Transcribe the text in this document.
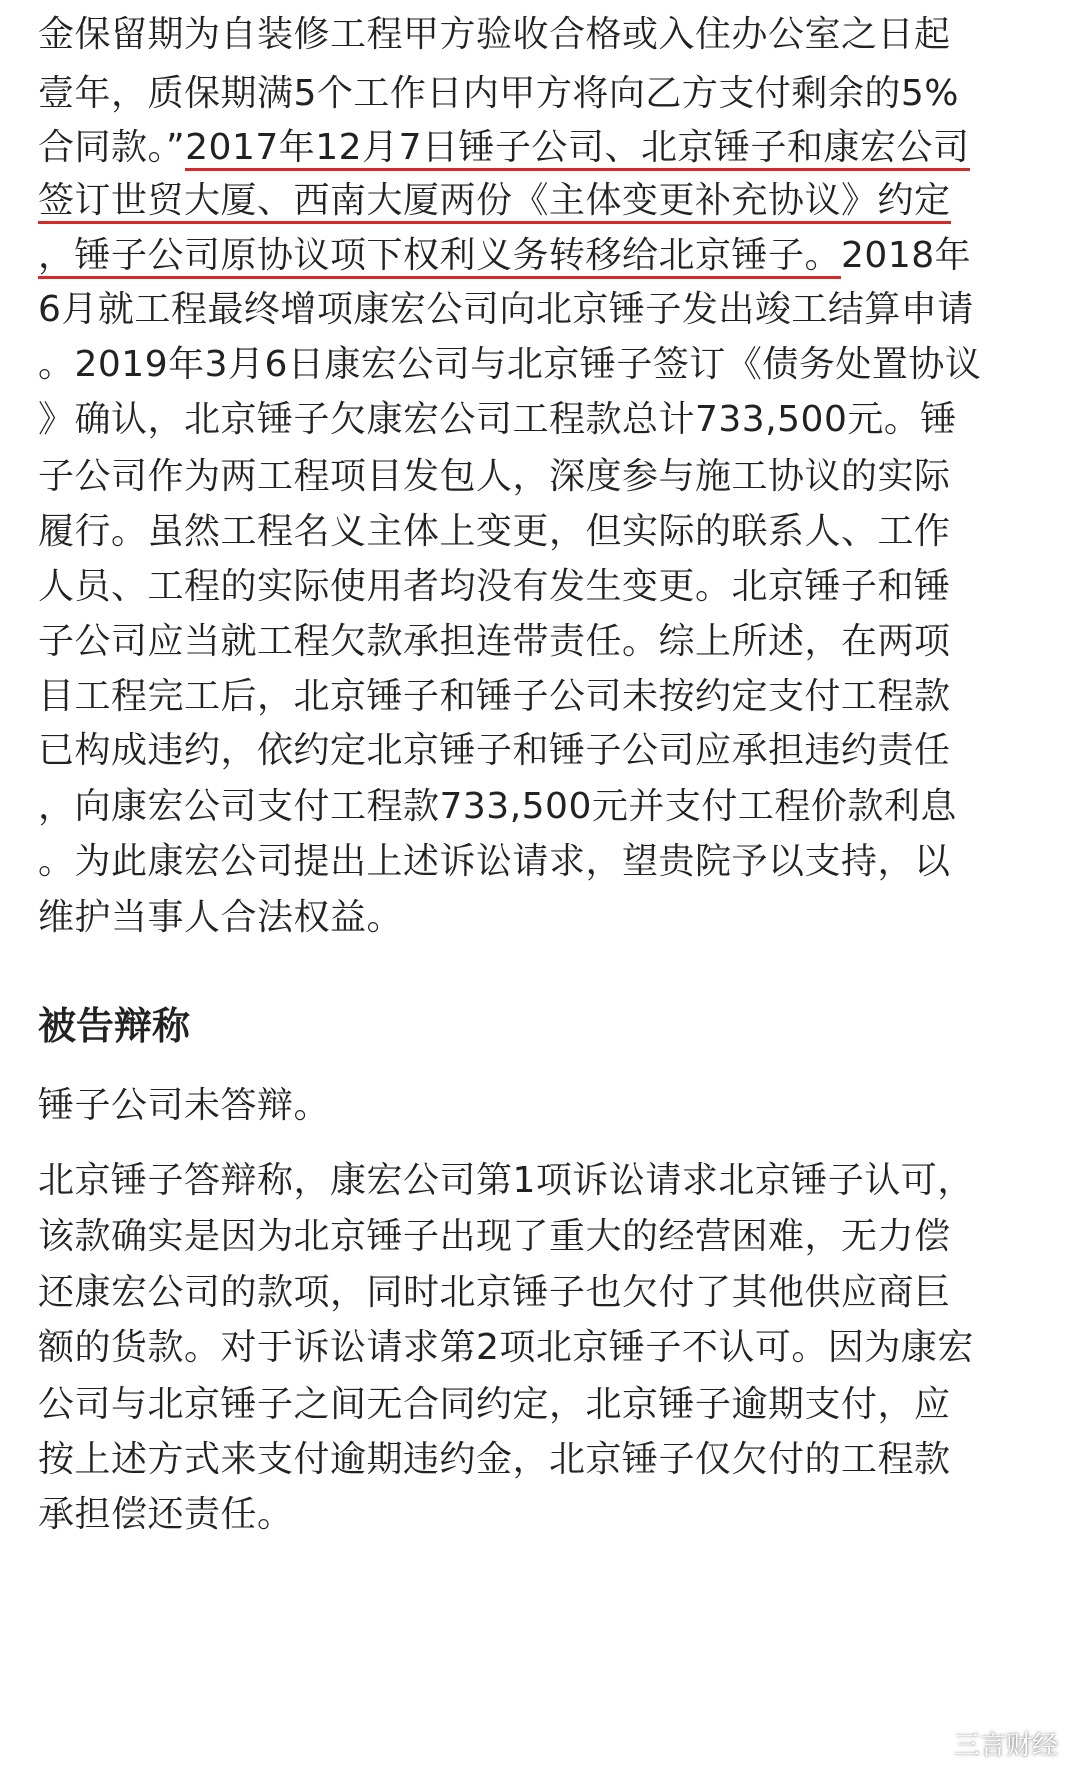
金保留期为自装修工程甲方验收合格或入住办公室之日起
壹年，质保期满5个工作日内甲方将向乙方支付剩余的5%
合同款。”2017年12月7日锤子公司、北京锤子和康宏公司
签订世贸大厦、西南大厦两份《主体变更补充协议》约定
，锤子公司原协议项下权利义务转移给北京锤子。2018年
6月就工程最终增项康宏公司向北京锤子发出竣工结算申请
。2019年3月6日康宏公司与北京锤子签订《债务处置协议
》确认，北京锤子欠康宏公司工程款总计733,500元。锤
子公司作为两工程项目发包人，深度参与施工协议的实际
履行。虽然工程名义主体上变更，但实际的联系人、工作
人员、工程的实际使用者均没有发生变更。北京锤子和锤
子公司应当就工程欠款承担连带责任。综上所述，在两项
目工程完工后，北京锤子和锤子公司未按约定支付工程款
已构成违约，依约定北京锤子和锤子公司应承担违约责任
，向康宏公司支付工程款733,500元并支付工程价款利息
。为此康宏公司提出上述诉讼请求，望贵院予以支持，以
维护当事人合法权益。
被告辩称
锤子公司未答辩。
北京锤子答辩称，康宏公司第1项诉讼请求北京锤子认可，
该款确实是因为北京锤子出现了重大的经营困难，无力偿
还康宏公司的款项，同时北京锤子也欠付了其他供应商巨
额的货款。对于诉讼请求第2项北京锤子不认可。因为康宏
公司与北京锤子之间无合同约定，北京锤子逾期支付，应
按上述方式来支付逾期违约金，北京锤子仅欠付的工程款
承担偿还责任。
三言财经
